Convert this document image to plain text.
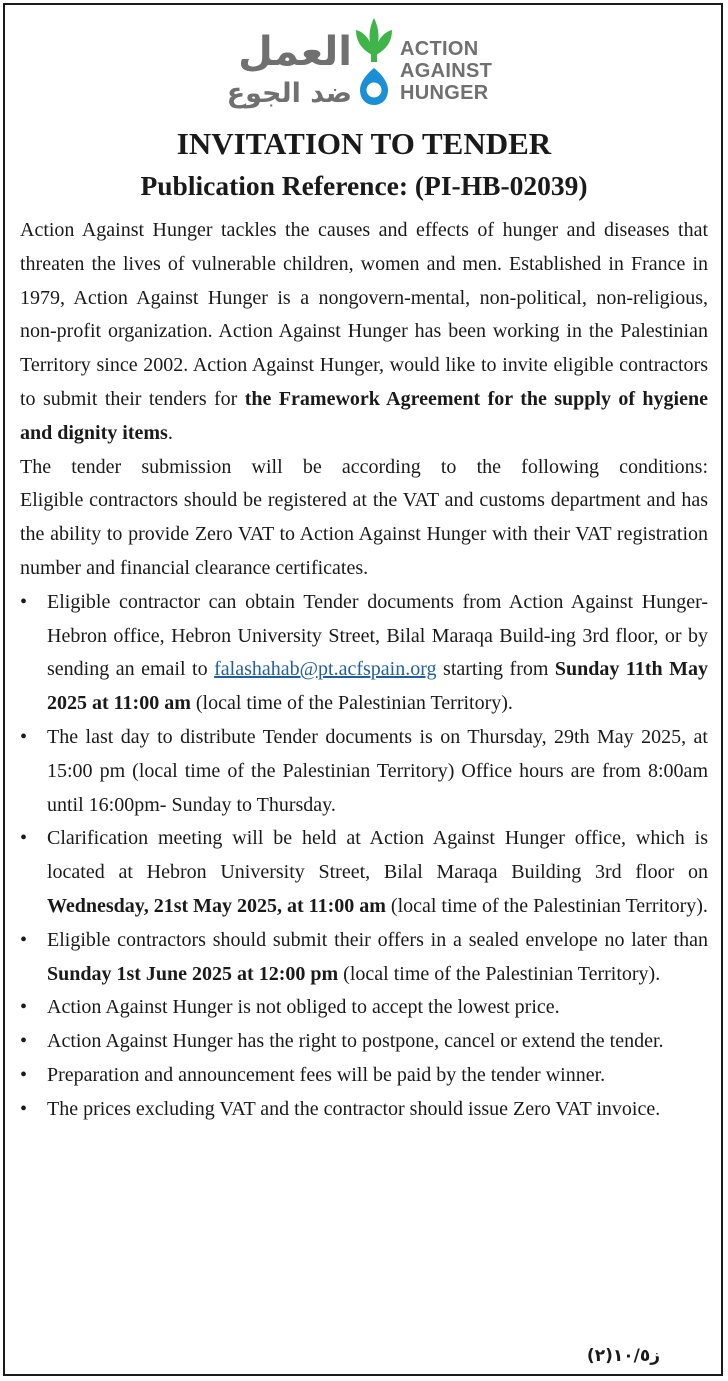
العمل
ضد الجوع
ACTION
AGAINST
HUNGER
INVITATION TO TENDER
Publication Reference: (PI-HB-02039)

Action Against Hunger tackles the causes and effects of hunger and diseases that threaten the lives of vulnerable children, women and men. Established in France in 1979, Action Against Hunger is a nongovern-mental, non-political, non-religious, non-profit organization. Action Against Hunger has been working in the Palestinian Territory since 2002. Action Against Hunger, would like to invite eligible contractors to submit their tenders for the Framework Agreement for the supply of hygiene and dignity items.

The tender submission will be according to the following conditions:

Eligible contractors should be registered at the VAT and customs department and has the ability to provide Zero VAT to Action Against Hunger with their VAT registration number and financial clearance certificates.

• Eligible contractor can obtain Tender documents from Action Against Hunger-Hebron office, Hebron University Street, Bilal Maraqa Build-ing 3rd floor, or by sending an email to falashahab@pt.acfspain.org starting from Sunday 11th May 2025 at 11:00 am (local time of the Palestinian Territory).
• The last day to distribute Tender documents is on Thursday, 29th May 2025, at 15:00 pm (local time of the Palestinian Territory) Office hours are from 8:00am until 16:00pm- Sunday to Thursday.
• Clarification meeting will be held at Action Against Hunger office, which is located at Hebron University Street, Bilal Maraqa Building 3rd floor on Wednesday, 21st May 2025, at 11:00 am (local time of the Palestinian Territory).
• Eligible contractors should submit their offers in a sealed envelope no later than Sunday 1st June 2025 at 12:00 pm (local time of the Palestinian Territory).
• Action Against Hunger is not obliged to accept the lowest price.
• Action Against Hunger has the right to postpone, cancel or extend the tender.
• Preparation and announcement fees will be paid by the tender winner.
• The prices excluding VAT and the contractor should issue Zero VAT invoice.
ز١٠/٥(٢)
